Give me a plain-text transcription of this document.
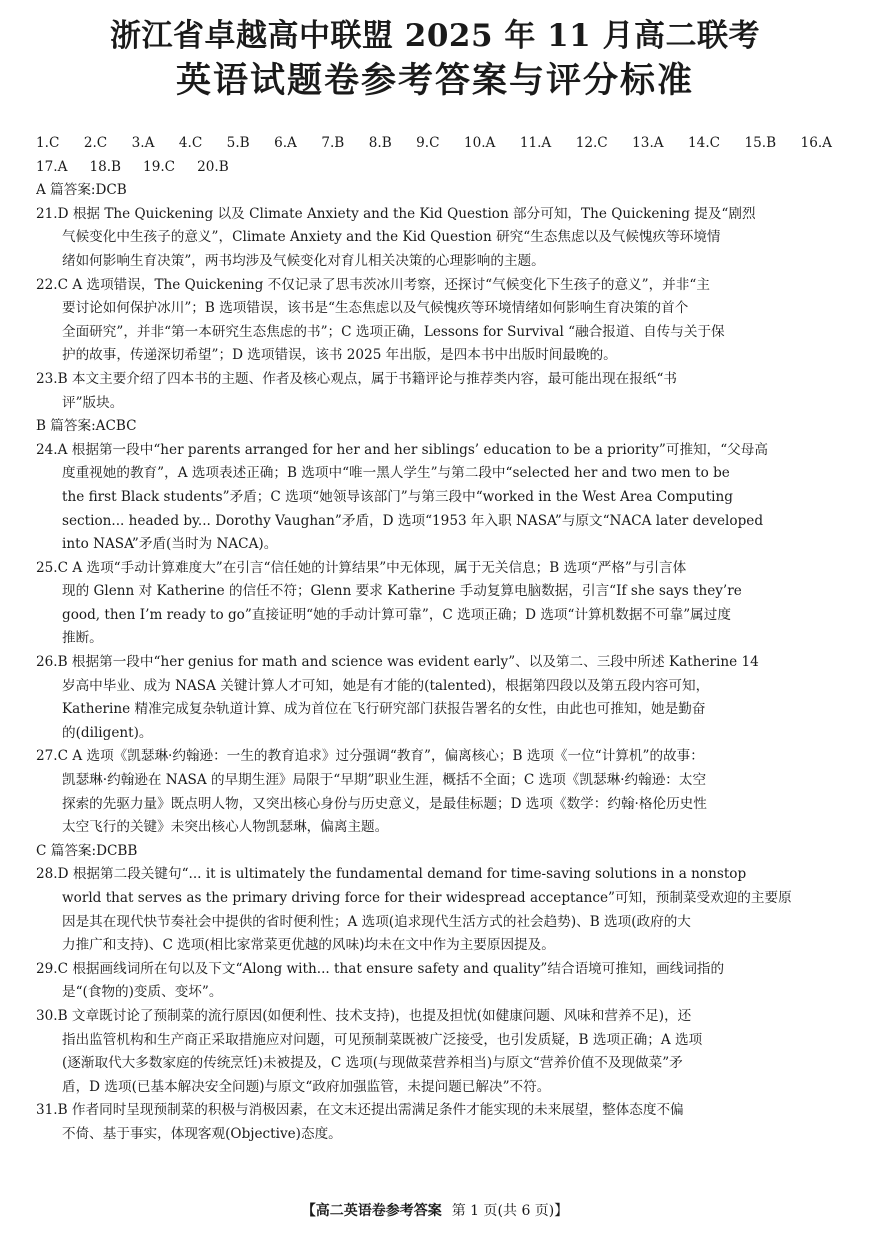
浙江省卓越高中联盟 2025 年 11 月高二联考
英语试题卷参考答案与评分标准
1.C 2.C 3.A 4.C 5.B 6.A 7.B 8.B 9.C 10.A 11.A 12.C 13.A 14.C 15.B 16.A
17.A 18.B 19.C 20.B
A 篇答案:DCB
21.D 根据 The Quickening 以及 Climate Anxiety and the Kid Question 部分可知，The Quickening 提及“剧烈
气候变化中生孩子的意义”，Climate Anxiety and the Kid Question 研究“生态焦虑以及气候愧疚等环境情
绪如何影响生育决策”，两书均涉及气候变化对育儿相关决策的心理影响的主题。
22.C A 选项错误，The Quickening 不仅记录了思韦茨冰川考察，还探讨“气候变化下生孩子的意义”，并非“主
要讨论如何保护冰川”；B 选项错误，该书是“生态焦虑以及气候愧疚等环境情绪如何影响生育决策的首个
全面研究”，并非“第一本研究生态焦虑的书”；C 选项正确，Lessons for Survival “融合报道、自传与关于保
护的故事，传递深切希望”；D 选项错误，该书 2025 年出版，是四本书中出版时间最晚的。
23.B 本文主要介绍了四本书的主题、作者及核心观点，属于书籍评论与推荐类内容，最可能出现在报纸“书
评”版块。
B 篇答案:ACBC
24.A 根据第一段中“her parents arranged for her and her siblings’ education to be a priority”可推知，“父母高
度重视她的教育”，A 选项表述正确；B 选项中“唯一黑人学生”与第二段中“selected her and two men to be
the first Black students”矛盾；C 选项“她领导该部门”与第三段中“worked in the West Area Computing
section... headed by... Dorothy Vaughan”矛盾，D 选项“1953 年入职 NASA”与原文“NACA later developed
into NASA”矛盾(当时为 NACA)。
25.C A 选项“手动计算难度大”在引言“信任她的计算结果”中无体现，属于无关信息；B 选项“严格”与引言体
现的 Glenn 对 Katherine 的信任不符；Glenn 要求 Katherine 手动复算电脑数据，引言“If she says they’re
good, then I’m ready to go”直接证明“她的手动计算可靠”，C 选项正确；D 选项“计算机数据不可靠”属过度
推断。
26.B 根据第一段中“her genius for math and science was evident early”、以及第二、三段中所述 Katherine 14
岁高中毕业、成为 NASA 关键计算人才可知，她是有才能的(talented)，根据第四段以及第五段内容可知，
Katherine 精准完成复杂轨道计算、成为首位在飞行研究部门获报告署名的女性，由此也可推知，她是勤奋
的(diligent)。
27.C A 选项《凯瑟琳·约翰逊：一生的教育追求》过分强调“教育”，偏离核心；B 选项《一位“计算机”的故事：
凯瑟琳·约翰逊在 NASA 的早期生涯》局限于“早期”职业生涯，概括不全面；C 选项《凯瑟琳·约翰逊：太空
探索的先驱力量》既点明人物，又突出核心身份与历史意义，是最佳标题；D 选项《数学：约翰·格伦历史性
太空飞行的关键》未突出核心人物凯瑟琳，偏离主题。
C 篇答案:DCBB
28.D 根据第二段关键句“... it is ultimately the fundamental demand for time-saving solutions in a nonstop
world that serves as the primary driving force for their widespread acceptance”可知，预制菜受欢迎的主要原
因是其在现代快节奏社会中提供的省时便利性；A 选项(追求现代生活方式的社会趋势)、B 选项(政府的大
力推广和支持)、C 选项(相比家常菜更优越的风味)均未在文中作为主要原因提及。
29.C 根据画线词所在句以及下文“Along with... that ensure safety and quality”结合语境可推知，画线词指的
是“(食物的)变质、变坏”。
30.B 文章既讨论了预制菜的流行原因(如便利性、技术支持)，也提及担忧(如健康问题、风味和营养不足)，还
指出监管机构和生产商正采取措施应对问题，可见预制菜既被广泛接受，也引发质疑，B 选项正确；A 选项
(逐渐取代大多数家庭的传统烹饪)未被提及，C 选项(与现做菜营养相当)与原文“营养价值不及现做菜”矛
盾，D 选项(已基本解决安全问题)与原文“政府加强监管，未提问题已解决”不符。
31.B 作者同时呈现预制菜的积极与消极因素，在文末还提出需满足条件才能实现的未来展望，整体态度不偏
不倚、基于事实，体现客观(Objective)态度。
【高二英语卷参考答案 第 1 页(共 6 页)】
